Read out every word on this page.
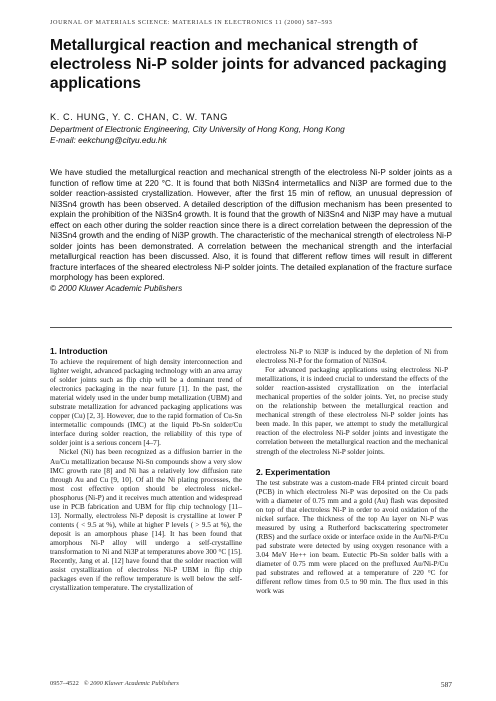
JOURNAL OF MATERIALS SCIENCE: MATERIALS IN ELECTRONICS 11 (2000) 587–593
Metallurgical reaction and mechanical strength of electroless Ni-P solder joints for advanced packaging applications
K. C. HUNG, Y. C. CHAN, C. W. TANG
Department of Electronic Engineering, City University of Hong Kong, Hong Kong
E-mail: eekchung@cityu.edu.hk
We have studied the metallurgical reaction and mechanical strength of the electroless Ni-P solder joints as a function of reflow time at 220 °C. It is found that both Ni3Sn4 intermetallics and Ni3P are formed due to the solder reaction-assisted crystallization. However, after the first 15 min of reflow, an unusual depression of Ni3Sn4 growth has been observed. A detailed description of the diffusion mechanism has been presented to explain the prohibition of the Ni3Sn4 growth. It is found that the growth of Ni3Sn4 and Ni3P may have a mutual effect on each other during the solder reaction since there is a direct correlation between the depression of the Ni3Sn4 growth and the ending of Ni3P growth. The characteristic of the mechanical strength of electroless Ni-P solder joints has been demonstrated. A correlation between the mechanical strength and the interfacial metallurgical reaction has been discussed. Also, it is found that different reflow times will result in different fracture interfaces of the sheared electroless Ni-P solder joints. The detailed explanation of the fracture surface morphology has been explored.
© 2000 Kluwer Academic Publishers
1. Introduction

To achieve the requirement of high density interconnection and lighter weight, advanced packaging technology with an area array of solder joints such as flip chip will be a dominant trend of electronics packaging in the near future [1]. In the past, the material widely used in the under bump metallization (UBM) and substrate metallization for advanced packaging applications was copper (Cu) [2, 3]. However, due to the rapid formation of Cu-Sn intermetallic compounds (IMC) at the liquid Pb-Sn solder/Cu interface during solder reaction, the reliability of this type of solder joint is a serious concern [4–7].

Nickel (Ni) has been recognized as a diffusion barrier in the Au/Cu metallization because Ni-Sn compounds show a very slow IMC growth rate [8] and Ni has a relatively low diffusion rate through Au and Cu [9, 10]. Of all the Ni plating processes, the most cost effective option should be electroless nickel-phosphorus (Ni-P) and it receives much attention and widespread use in PCB fabrication and UBM for flip chip technology [11–13]. Normally, electroless Ni-P deposit is crystalline at lower P contents ( < 9.5 at %), while at higher P levels ( > 9.5 at %), the deposit is an amorphous phase [14]. It has been found that amorphous Ni-P alloy will undergo a self-crystalline transformation to Ni and Ni3P at temperatures above 300 °C [15]. Recently, Jang et al. [12] have found that the solder reaction will assist crystallization of electroless Ni-P UBM in flip chip packages even if the reflow temperature is well below the self-crystallization temperature. The crystallization of

electroless Ni-P to Ni3P is induced by the depletion of Ni from electroless Ni-P for the formation of Ni3Sn4.

For advanced packaging applications using electroless Ni-P metallizations, it is indeed crucial to understand the effects of the solder reaction-assisted crystallization on the interfacial mechanical properties of the solder joints. Yet, no precise study on the relationship between the metallurgical reaction and mechanical strength of these electroless Ni-P solder joints has been made. In this paper, we attempt to study the metallurgical reaction of the electroless Ni-P solder joints and investigate the correlation between the metallurgical reaction and the mechanical strength of the electroless Ni-P solder joints.

2. Experimentation

The test substrate was a custom-made FR4 printed circuit board (PCB) in which electroless Ni-P was deposited on the Cu pads with a diameter of 0.75 mm and a gold (Au) flash was deposited on top of that electroless Ni-P in order to avoid oxidation of the nickel surface. The thickness of the top Au layer on Ni-P was measured by using a Rutherford backscattering spectrometer (RBS) and the surface oxide or interface oxide in the Au/Ni-P/Cu pad substrate were detected by using oxygen resonance with a 3.04 MeV He++ ion beam. Eutectic Pb-Sn solder balls with a diameter of 0.75 mm were placed on the prefluxed Au/Ni-P/Cu pad substrates and reflowed at a temperature of 220 °C for different reflow times from 0.5 to 90 min. The flux used in this work was

0957–4522 © 2000 Kluwer Academic Publishers	587
